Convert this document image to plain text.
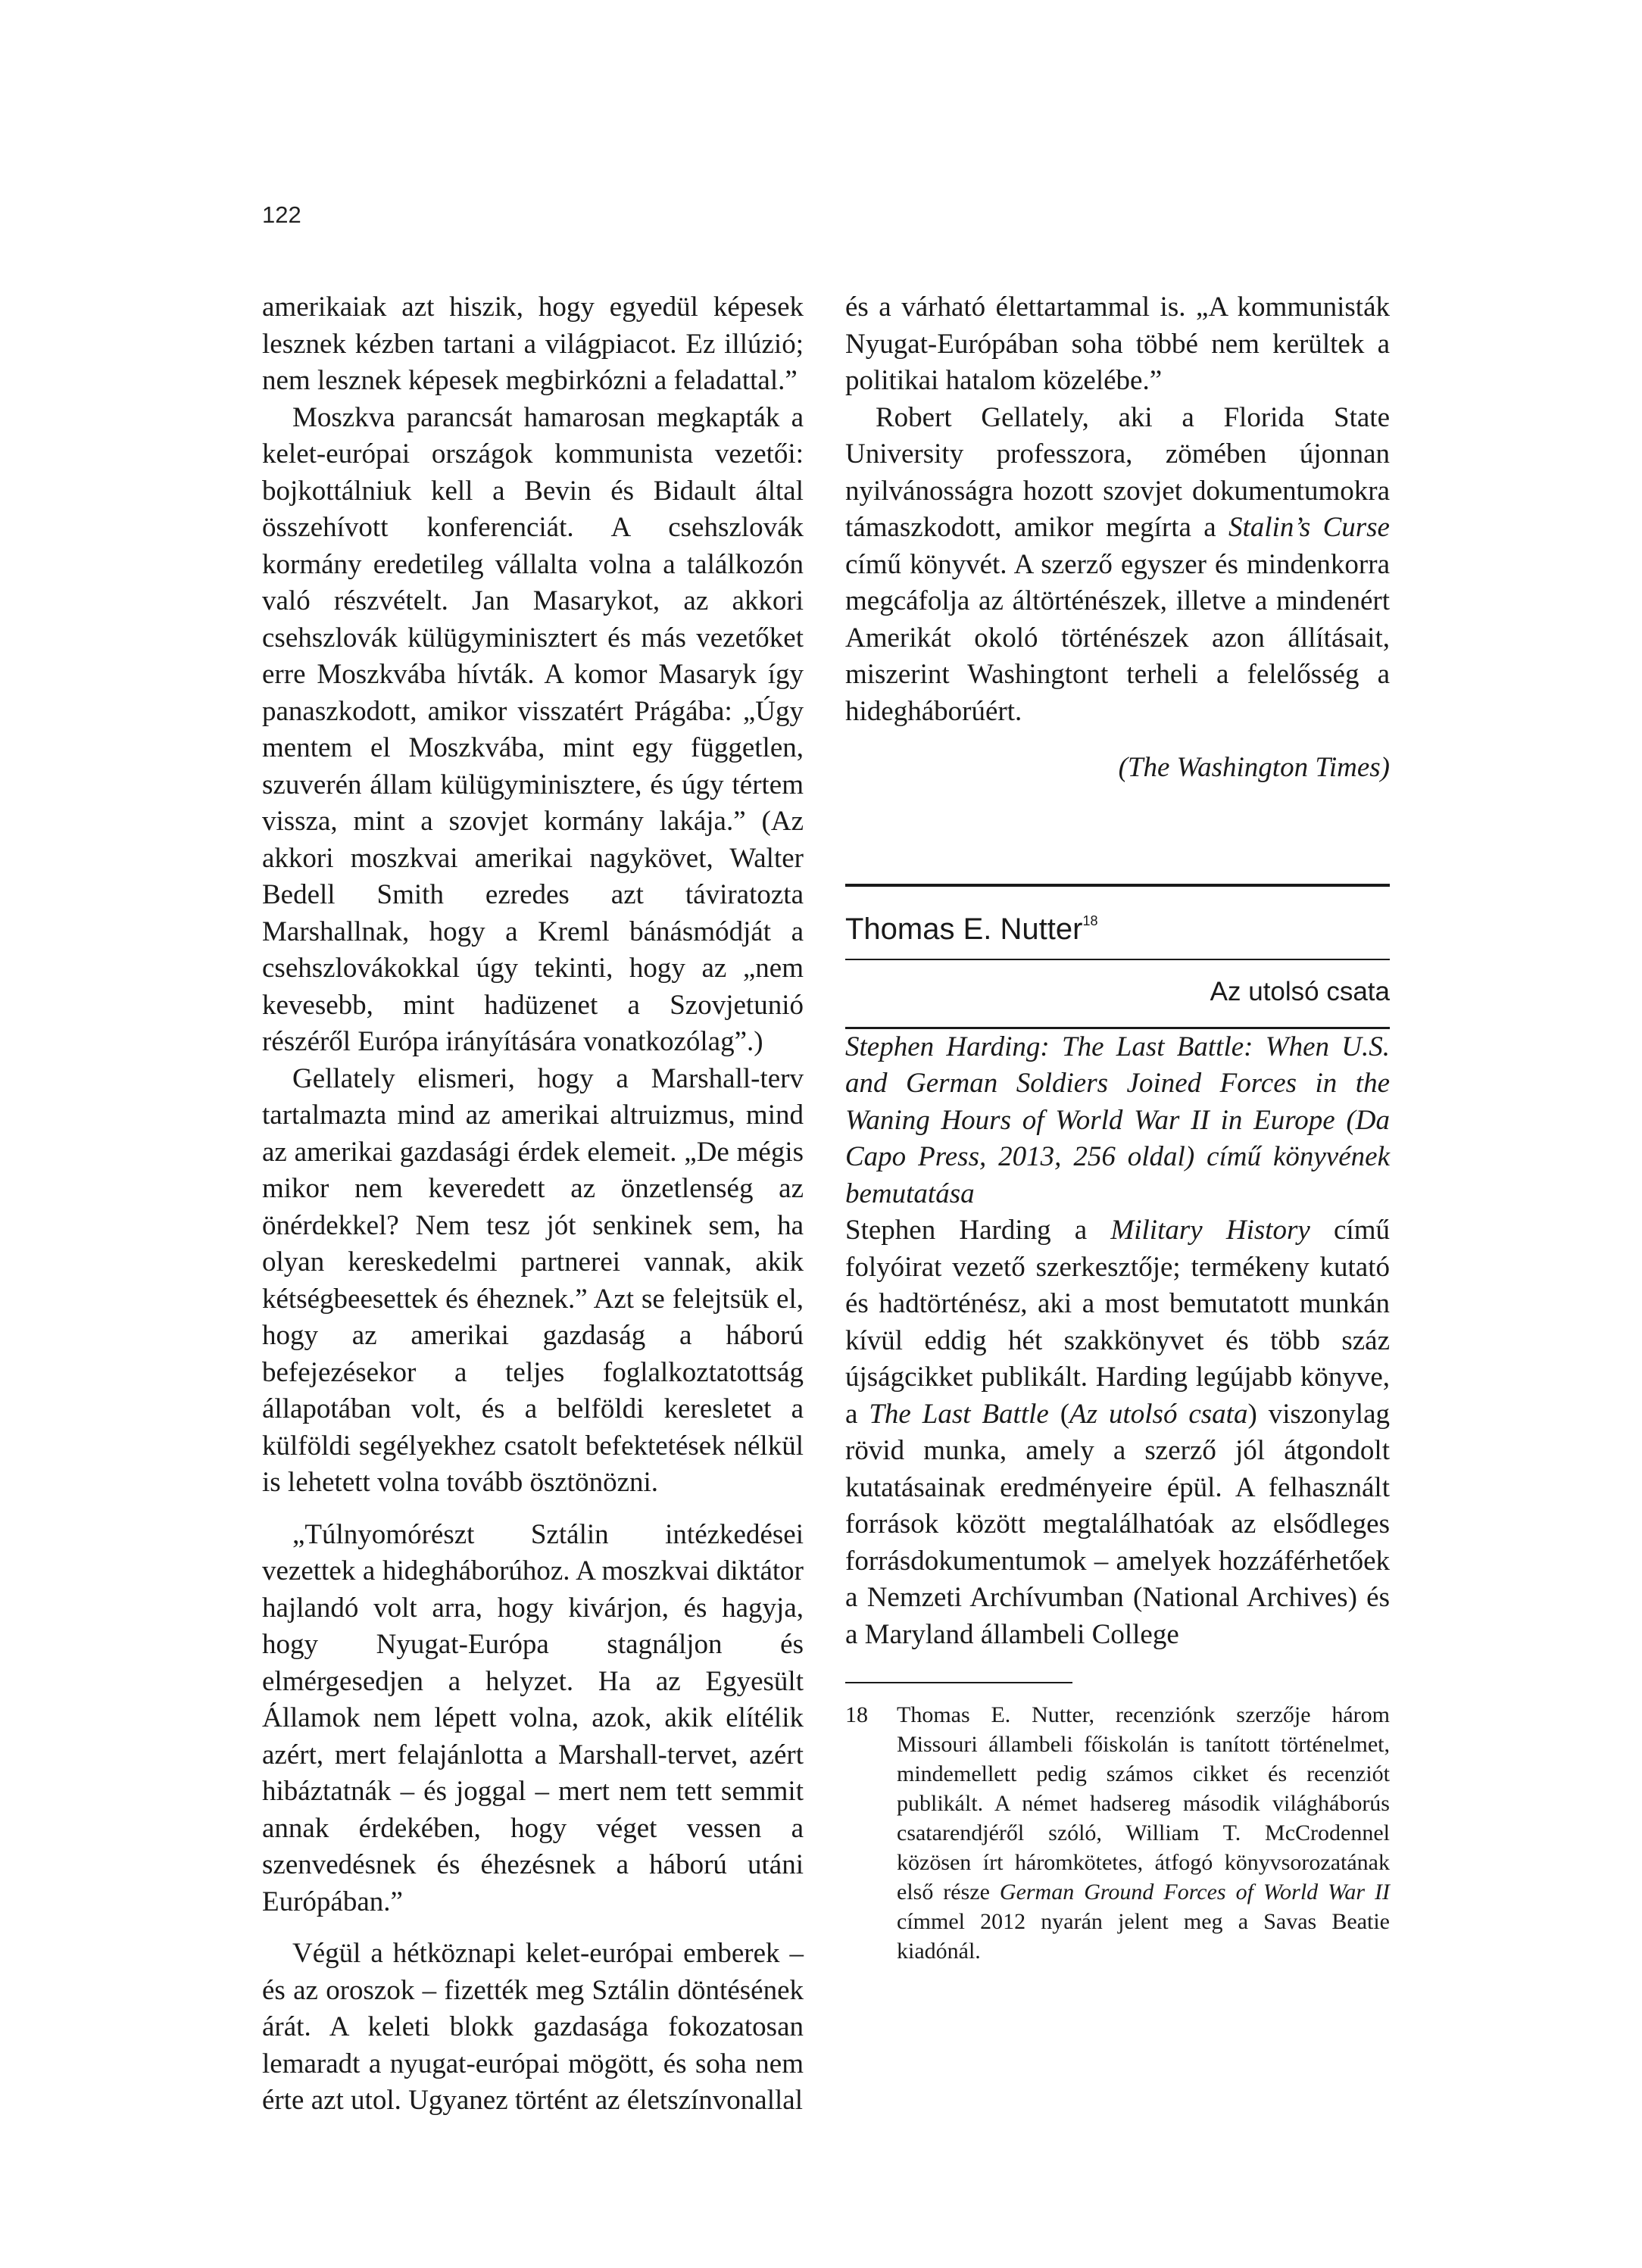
122

amerikaiak azt hiszik, hogy egyedül képesek lesznek kézben tartani a világpiacot. Ez illúzió; nem lesznek képesek megbirkózni a feladattal.”

Moszkva parancsát hamarosan megkapták a kelet-európai országok kommunista vezetői: bojkottálniuk kell a Bevin és Bidault által összehívott konferenciát. A csehszlovák kormány eredetileg vállalta volna a találkozón való részvételt. Jan Masarykot, az akkori csehszlovák külügyminisztert és más vezetőket erre Moszkvába hívták. A komor Masaryk így panaszkodott, amikor visszatért Prágába: „Úgy mentem el Moszkvába, mint egy független, szuverén állam külügyminisztere, és úgy tértem vissza, mint a szovjet kormány lakája.” (Az akkori moszkvai amerikai nagykövet, Walter Bedell Smith ezredes azt táviratozta Marshallnak, hogy a Kreml bánásmódját a csehszlovákokkal úgy tekinti, hogy az „nem kevesebb, mint hadüzenet a Szovjetunió részéről Európa irányítására vonatkozólag”.)

Gellately elismeri, hogy a Marshall-terv tartalmazta mind az amerikai altruizmus, mind az amerikai gazdasági érdek elemeit. „De mégis mikor nem keveredett az önzetlenség az önérdekkel? Nem tesz jót senkinek sem, ha olyan kereskedelmi partnerei vannak, akik kétségbeesettek és éheznek.” Azt se felejtsük el, hogy az amerikai gazdaság a háború befejezésekor a teljes foglalkoztatottság állapotában volt, és a belföldi keresletet a külföldi segélyekhez csatolt befektetések nélkül is lehetett volna tovább ösztönözni.

„Túlnyomórészt Sztálin intézkedései vezettek a hidegháborúhoz. A moszkvai diktátor hajlandó volt arra, hogy kivárjon, és hagyja, hogy Nyugat-Európa stagnáljon és elmérgesedjen a helyzet. Ha az Egyesült Államok nem lépett volna, azok, akik elítélik azért, mert felajánlotta a Marshall-tervet, azért hibáztatnák – és joggal – mert nem tett semmit annak érdekében, hogy véget vessen a szenvedésnek és éhezésnek a háború utáni Európában.”

Végül a hétköznapi kelet-európai emberek – és az oroszok – fizették meg Sztálin döntésének árát. A keleti blokk gazdasága fokozatosan lemaradt a nyugat-európai mögött, és soha nem érte azt utol. Ugyanez történt az életszínvonallal

és a várható élettartammal is. „A kommunisták Nyugat-Európában soha többé nem kerültek a politikai hatalom közelébe.”

Robert Gellately, aki a Florida State University professzora, zömében újonnan nyilvánosságra hozott szovjet dokumentumokra támaszkodott, amikor megírta a Stalin’s Curse című könyvét. A szerző egyszer és mindenkorra megcáfolja az áltörténészek, illetve a mindenért Amerikát okoló történészek azon állításait, miszerint Washingtont terheli a felelősség a hidegháborúért.

(The Washington Times)
Thomas E. Nutter$^{18}$
Az utolsó csata

Stephen Harding: The Last Battle: When U.S. and German Soldiers Joined Forces in the Waning Hours of World War II in Europe (Da Capo Press, 2013, 256 oldal) című könyvének bemutatása

Stephen Harding a Military History című folyóirat vezető szerkesztője; termékeny kutató és hadtörténész, aki a most bemutatott munkán kívül eddig hét szakkönyvet és több száz újságcikket publikált. Harding legújabb könyve, a The Last Battle (Az utolsó csata) viszonylag rövid munka, amely a szerző jól átgondolt kutatásainak eredményeire épül. A felhasznált források között megtalálhatóak az elsődleges forrásdokumentumok – amelyek hozzáférhetőek a Nemzeti Archívumban (National Archives) és a Maryland állambeli College

18	Thomas E. Nutter, recenziónk szerzője három Missouri állambeli főiskolán is tanított történelmet, mindemellett pedig számos cikket és recenziót publikált. A német hadsereg második világháborús csatarendjéről szóló, William T. McCrodennel közösen írt háromkötetes, átfogó könyvsorozatának első része German Ground Forces of World War II címmel 2012 nyarán jelent meg a Savas Beatie kiadónál.
